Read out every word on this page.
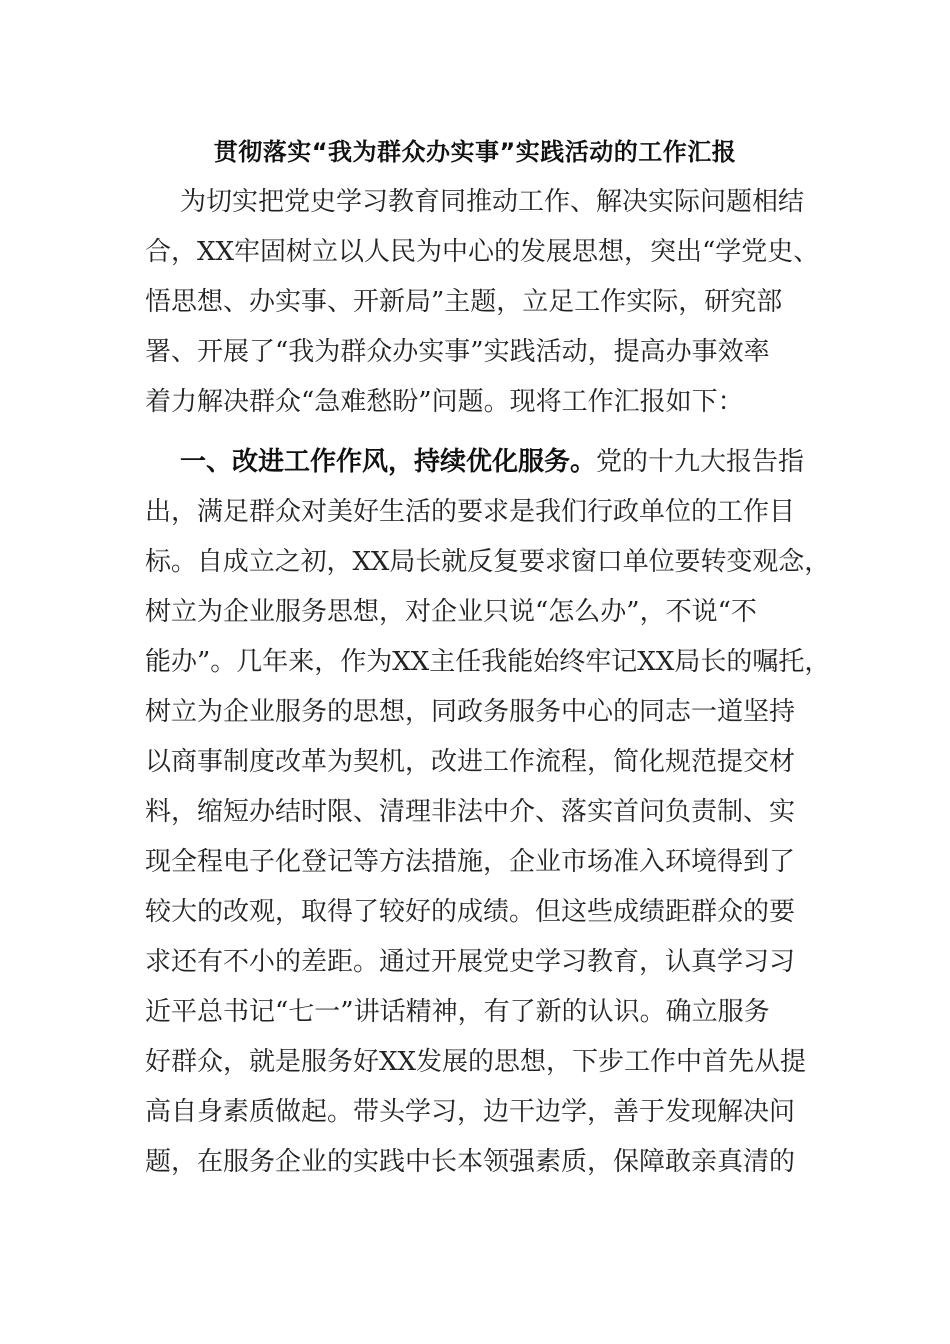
贯彻落实“我为群众办实事”实践活动的工作汇报
为切实把党史学习教育同推动工作、解决实际问题相结
合，XX牢固树立以人民为中心的发展思想，突出“学党史、
悟思想、办实事、开新局”主题，立足工作实际，研究部
署、开展了“我为群众办实事”实践活动，提高办事效率
着力解决群众“急难愁盼”问题。现将工作汇报如下：
一、改进工作作风，持续优化服务。党的十九大报告指
出，满足群众对美好生活的要求是我们行政单位的工作目
标。自成立之初，XX局长就反复要求窗口单位要转变观念，
树立为企业服务思想，对企业只说“怎么办”，不说“不
能办”。几年来，作为XX主任我能始终牢记XX局长的嘱托，
树立为企业服务的思想，同政务服务中心的同志一道坚持
以商事制度改革为契机，改进工作流程，简化规范提交材
料，缩短办结时限、清理非法中介、落实首问负责制、实
现全程电子化登记等方法措施，企业市场准入环境得到了
较大的改观，取得了较好的成绩。但这些成绩距群众的要
求还有不小的差距。通过开展党史学习教育，认真学习习
近平总书记“七一”讲话精神，有了新的认识。确立服务
好群众，就是服务好XX发展的思想，下步工作中首先从提
高自身素质做起。带头学习，边干边学，善于发现解决问
题，在服务企业的实践中长本领强素质，保障敢亲真清的
